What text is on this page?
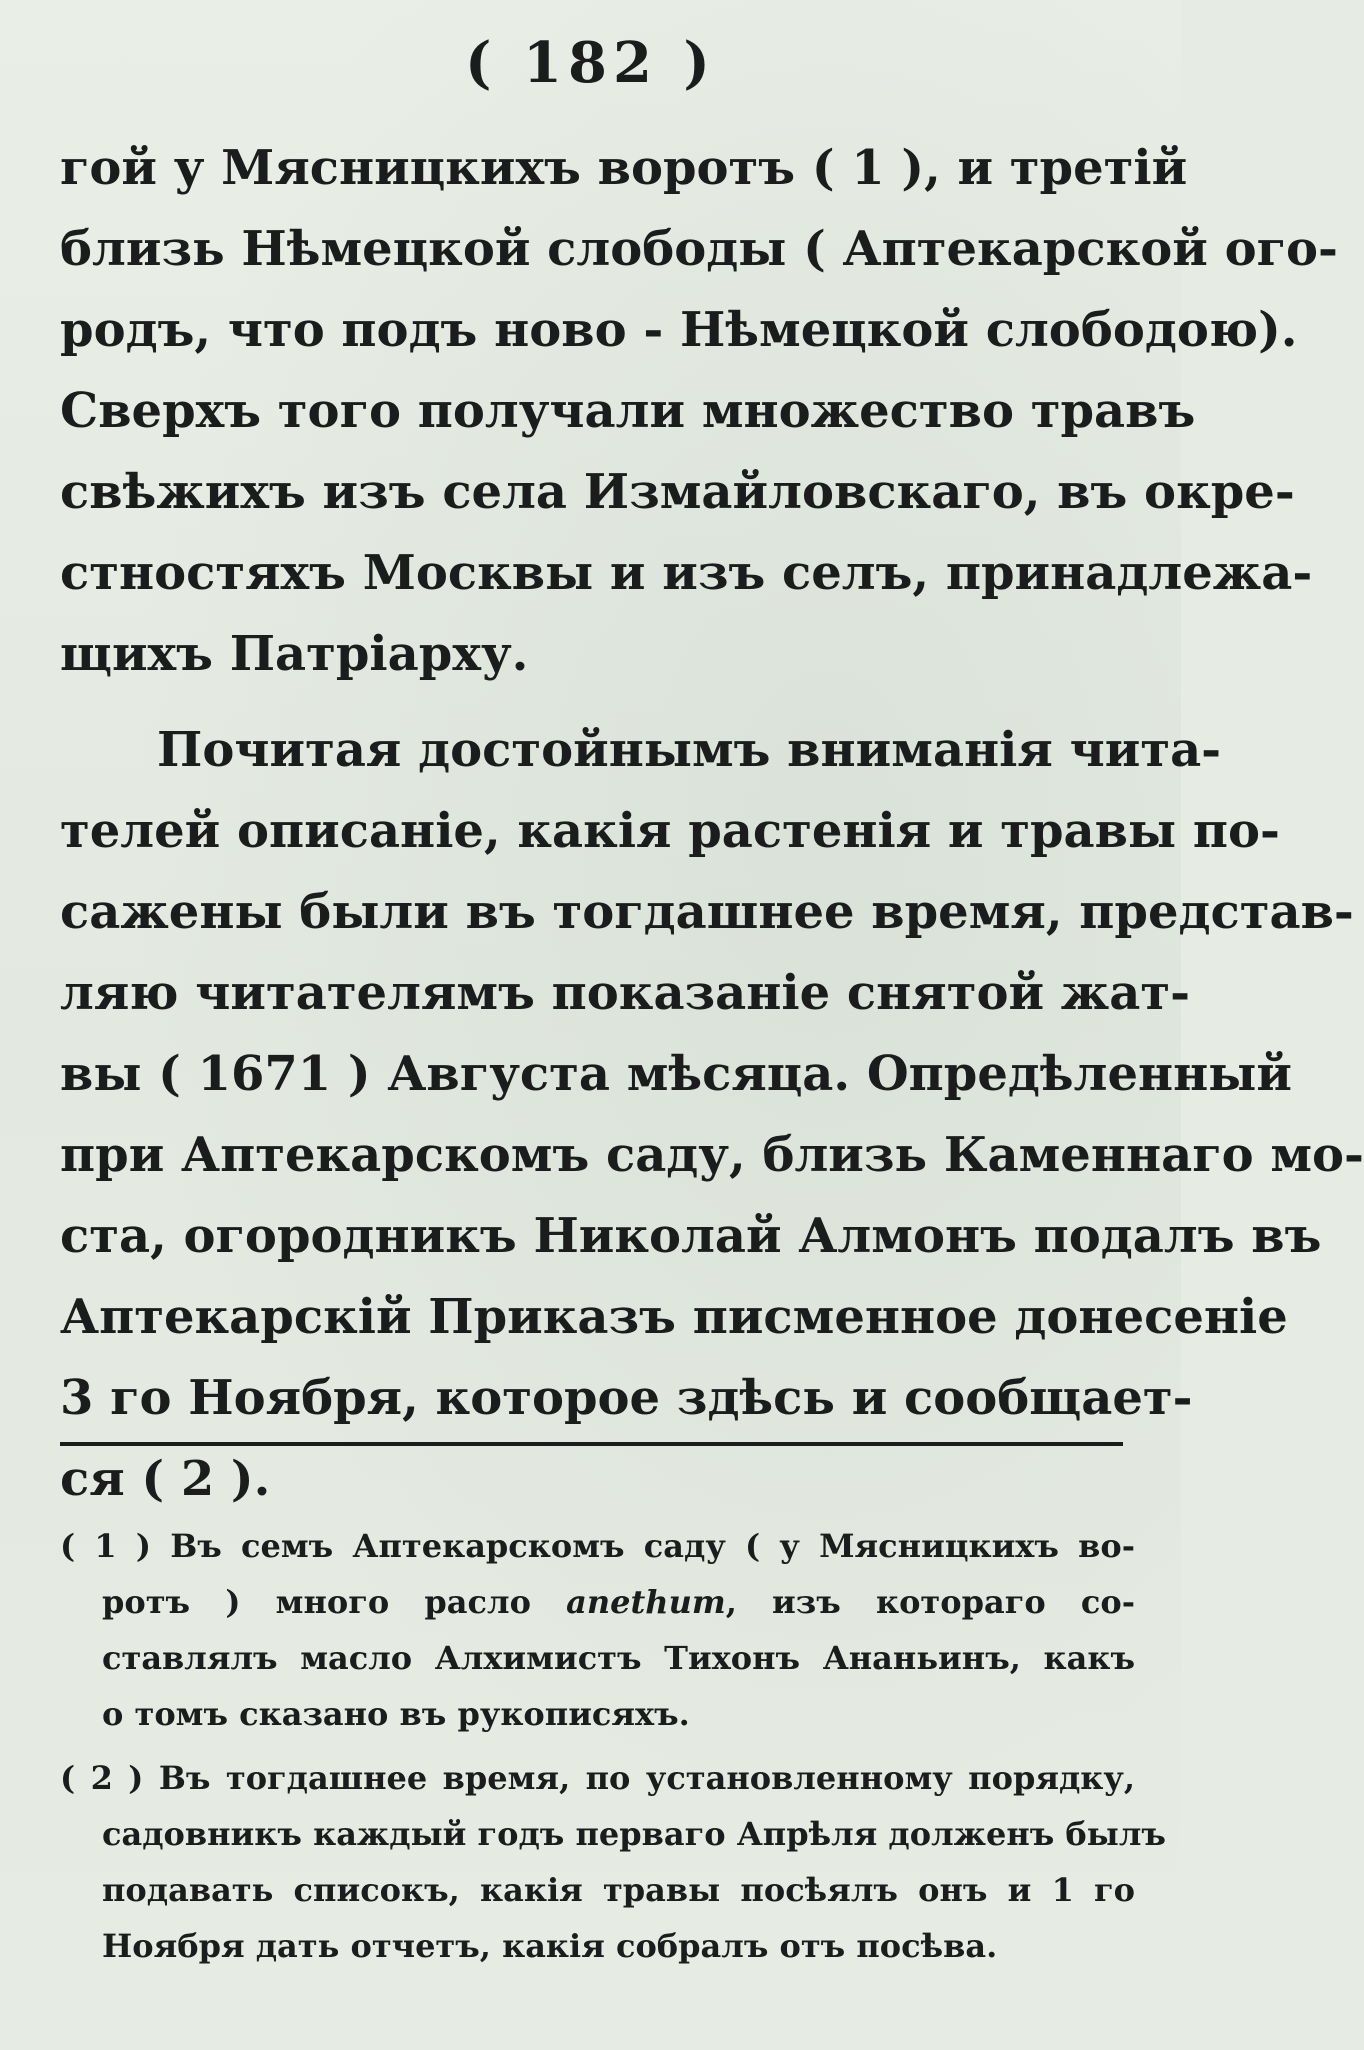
( 182 )
гой у Мясницкихъ воротъ ( 1 ), и третій
близь Нѣмецкой слободы ( Аптекарской ого-
родъ, что подъ ново - Нѣмецкой слободою).
Сверхъ того получали множество травъ
свѣжихъ изъ села Измайловскаго, въ окре-
стностяхъ Москвы и изъ селъ, принадлежа-
щихъ Патріарху.
Почитая достойнымъ вниманія чита-
телей описаніе, какія растенія и травы по-
сажены были въ тогдашнее время, предстaв-
ляю читателямъ показаніе снятой жат-
вы ( 1671 ) Августа мѣсяца. Опредѣленный
при Аптекарскомъ саду, близь Каменнаго мо-
ста, огородникъ Николай Алмонъ подалъ въ
Аптекарскій Приказъ писменное донесеніе
3 го Ноября, которое здѣсь и сообщает-
ся ( 2 ).
( 1 ) Въ семъ Аптекарскомъ саду ( у Мясницкихъ во-
ротъ ) много расло anethum, изъ котораго со-
ставлялъ масло Алхимистъ Тихонъ Ананьинъ, какъ
о томъ сказано въ рукописяхъ.
( 2 ) Въ тогдашнее время, по установленному порядку,
садовникъ каждый годъ перваго Апрѣля долженъ былъ
подавать списокъ, какія травы посѣялъ онъ и 1 го
Ноября дать отчетъ, какія собралъ отъ посѣва.
